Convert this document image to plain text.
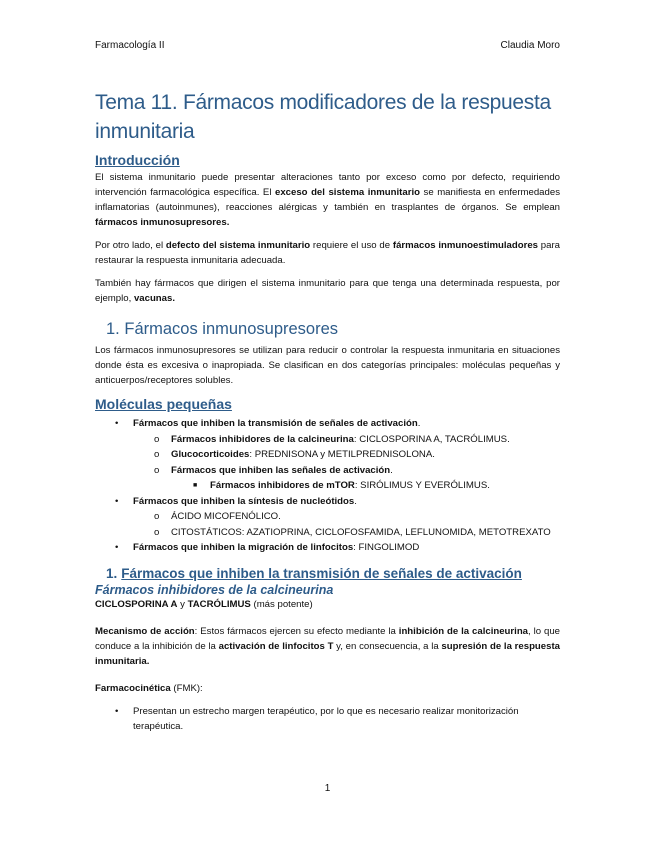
Farmacología II	Claudia Moro
Tema 11. Fármacos modificadores de la respuesta inmunitaria
Introducción

El sistema inmunitario puede presentar alteraciones tanto por exceso como por defecto, requiriendo intervención farmacológica específica. El exceso del sistema inmunitario se manifiesta en enfermedades inflamatorias (autoinmunes), reacciones alérgicas y también en trasplantes de órganos. Se emplean fármacos inmunosupresores.

Por otro lado, el defecto del sistema inmunitario requiere el uso de fármacos inmunoestimuladores para restaurar la respuesta inmunitaria adecuada.

También hay fármacos que dirigen el sistema inmunitario para que tenga una determinada respuesta, por ejemplo, vacunas.

1. Fármacos inmunosupresores

Los fármacos inmunosupresores se utilizan para reducir o controlar la respuesta inmunitaria en situaciones donde ésta es excesiva o inapropiada. Se clasifican en dos categorías principales: moléculas pequeñas y anticuerpos/receptores solubles.

Moléculas pequeñas
• Fármacos que inhiben la transmisión de señales de activación.
o Fármacos inhibidores de la calcineurina: CICLOSPORINA A, TACRÓLIMUS.
o Glucocorticoides: PREDNISONA y METILPREDNISOLONA.
o Fármacos que inhiben las señales de activación.
■ Fármacos inhibidores de mTOR: SIRÓLIMUS Y EVERÓLIMUS.
• Fármacos que inhiben la síntesis de nucleótidos.
o ÁCIDO MICOFENÓLICO.
o CITOSTÁTICOS: AZATIOPRINA, CICLOFOSFAMIDA, LEFLUNOMIDA, METOTREXATO
• Fármacos que inhiben la migración de linfocitos: FINGOLIMOD
1. Fármacos que inhiben la transmisión de señales de activación
Fármacos inhibidores de la calcineurina

CICLOSPORINA A y TACRÓLIMUS (más potente)

Mecanismo de acción: Estos fármacos ejercen su efecto mediante la inhibición de la calcineurina, lo que conduce a la inhibición de la activación de linfocitos T y, en consecuencia, a la supresión de la respuesta inmunitaria.

Farmacocinética (FMK):

• Presentan un estrecho margen terapéutico, por lo que es necesario realizar monitorización terapéutica.
1
